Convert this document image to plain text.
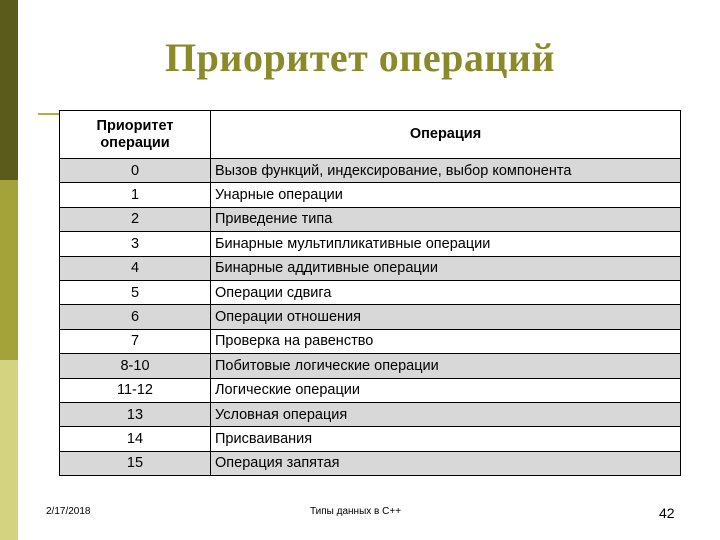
Приоритет операций
Приоритет операции	Операция
0	Вызов функций, индексирование, выбор компонента
1	Унарные операции
2	Приведение типа
3	Бинарные мультипликативные операции
4	Бинарные аддитивные операции
5	Операции сдвига
6	Операции отношения
7	Проверка на равенство
8-10	Побитовые логические операции
11-12	Логические операции
13	Условная операция
14	Присваивания
15	Операция запятая
2/17/2018	Типы данных в С++	42
